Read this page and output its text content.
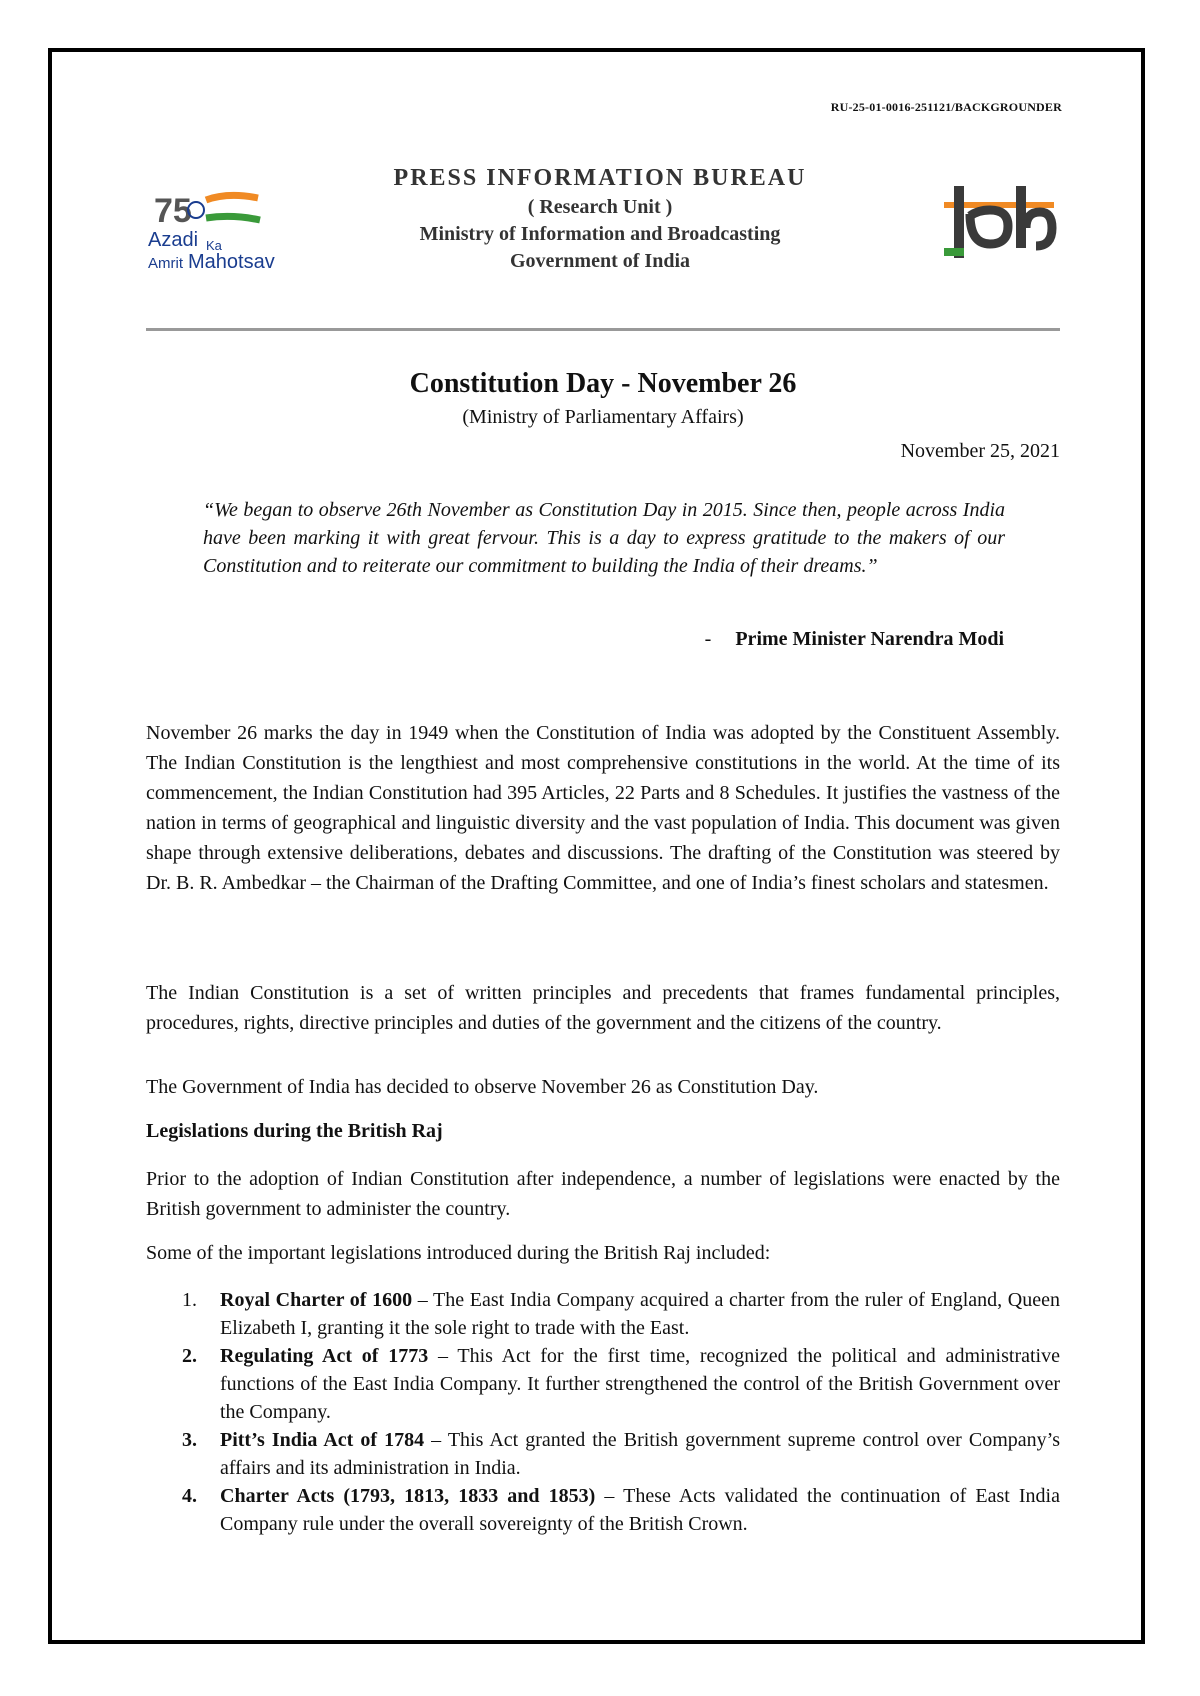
RU-25-01-0016-251121/BACKGROUNDER
75
Azadi Ka
Amrit Mahotsav
PRESS INFORMATION BUREAU
( Research Unit )
Ministry of Information and Broadcasting
Government of India
pib
Constitution Day - November 26
(Ministry of Parliamentary Affairs)
November 25, 2021
“We began to observe 26th November as Constitution Day in 2015. Since then, people across India have been marking it with great fervour. This is a day to express gratitude to the makers of our Constitution and to reiterate our commitment to building the India of their dreams.”
- Prime Minister Narendra Modi
November 26 marks the day in 1949 when the Constitution of India was adopted by the Constituent Assembly. The Indian Constitution is the lengthiest and most comprehensive constitutions in the world. At the time of its commencement, the Indian Constitution had 395 Articles, 22 Parts and 8 Schedules. It justifies the vastness of the nation in terms of geographical and linguistic diversity and the vast population of India. This document was given shape through extensive deliberations, debates and discussions. The drafting of the Constitution was steered by Dr. B. R. Ambedkar – the Chairman of the Drafting Committee, and one of India’s finest scholars and statesmen.
The Indian Constitution is a set of written principles and precedents that frames fundamental principles, procedures, rights, directive principles and duties of the government and the citizens of the country.
The Government of India has decided to observe November 26 as Constitution Day.
Legislations during the British Raj
Prior to the adoption of Indian Constitution after independence, a number of legislations were enacted by the British government to administer the country.
Some of the important legislations introduced during the British Raj included:
1. Royal Charter of 1600 – The East India Company acquired a charter from the ruler of England, Queen Elizabeth I, granting it the sole right to trade with the East.
2. Regulating Act of 1773 – This Act for the first time, recognized the political and administrative functions of the East India Company. It further strengthened the control of the British Government over the Company.
3. Pitt’s India Act of 1784 – This Act granted the British government supreme control over Company’s affairs and its administration in India.
4. Charter Acts (1793, 1813, 1833 and 1853) – These Acts validated the continuation of East India Company rule under the overall sovereignty of the British Crown.
